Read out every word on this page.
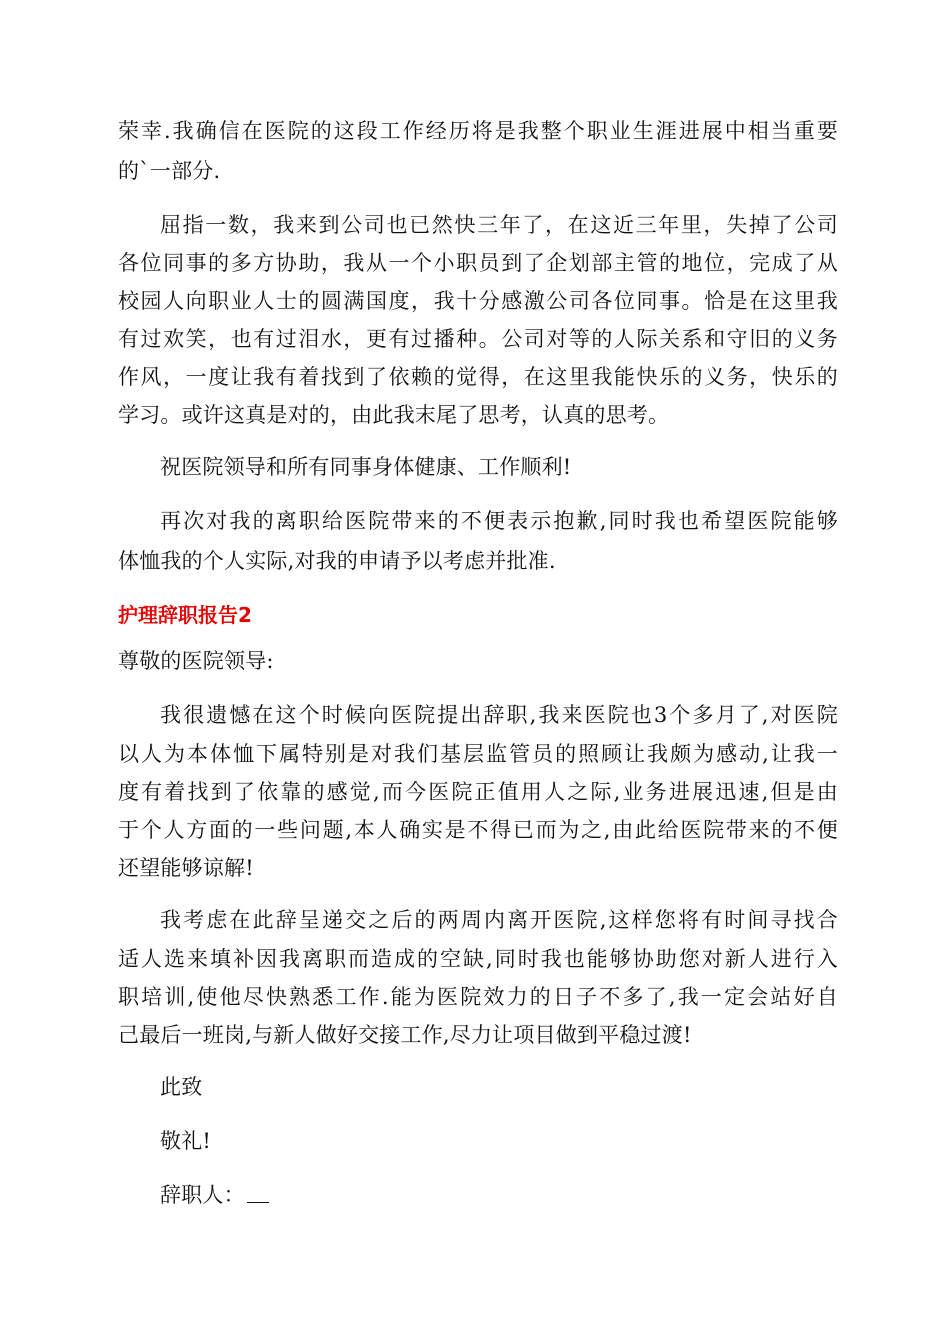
荣幸.我确信在医院的这段工作经历将是我整个职业生涯进展中相当重要
的`一部分.
屈指一数，我来到公司也已然快三年了，在这近三年里，失掉了公司
各位同事的多方协助，我从一个小职员到了企划部主管的地位，完成了从
校园人向职业人士的圆满国度，我十分感激公司各位同事。恰是在这里我
有过欢笑，也有过泪水，更有过播种。公司对等的人际关系和守旧的义务
作风，一度让我有着找到了依赖的觉得，在这里我能快乐的义务，快乐的
学习。或许这真是对的，由此我末尾了思考，认真的思考。
祝医院领导和所有同事身体健康、工作顺利!
再次对我的离职给医院带来的不便表示抱歉,同时我也希望医院能够
体恤我的个人实际,对我的申请予以考虑并批准.
护理辞职报告2
尊敬的医院领导:
我很遗憾在这个时候向医院提出辞职,我来医院也3个多月了,对医院
以人为本体恤下属特别是对我们基层监管员的照顾让我颇为感动,让我一
度有着找到了依靠的感觉,而今医院正值用人之际,业务进展迅速,但是由
于个人方面的一些问题,本人确实是不得已而为之,由此给医院带来的不便
还望能够谅解!
我考虑在此辞呈递交之后的两周内离开医院,这样您将有时间寻找合
适人选来填补因我离职而造成的空缺,同时我也能够协助您对新人进行入
职培训,使他尽快熟悉工作.能为医院效力的日子不多了,我一定会站好自
己最后一班岗,与新人做好交接工作,尽力让项目做到平稳过渡!
此致
敬礼!
辞职人：
